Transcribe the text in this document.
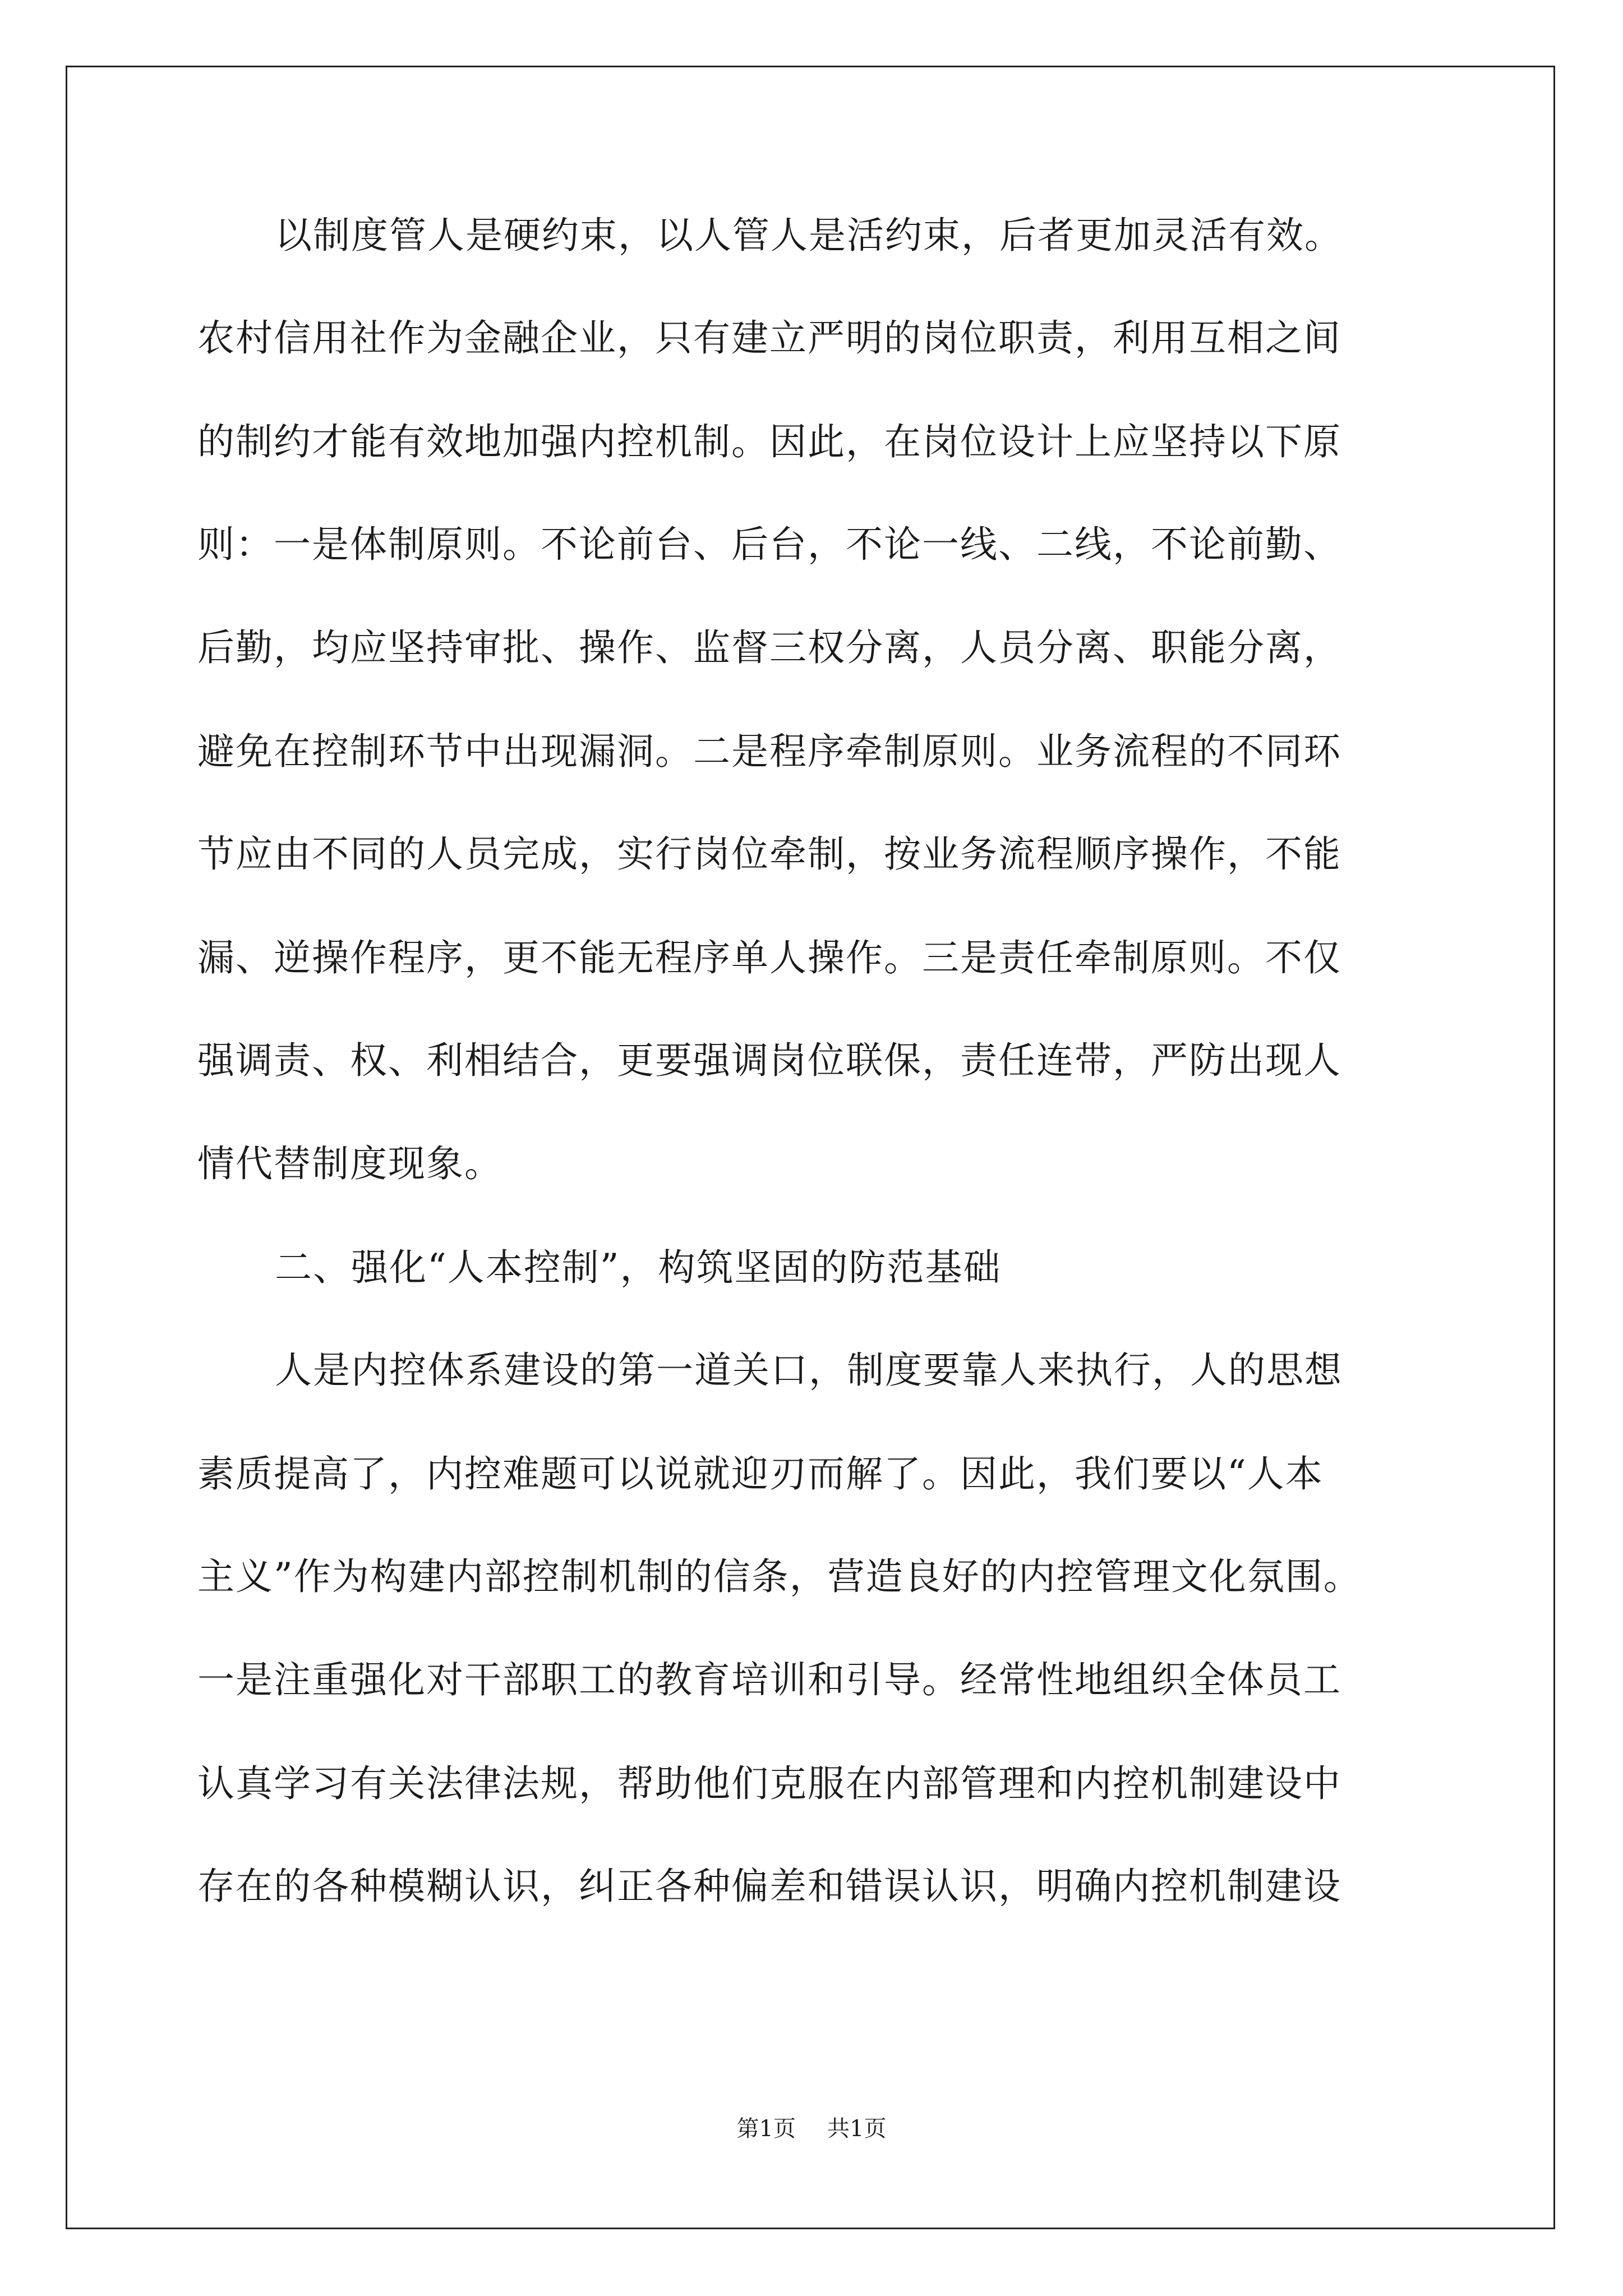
以制度管人是硬约束，以人管人是活约束，后者更加灵活有效。
农村信用社作为金融企业，只有建立严明的岗位职责，利用互相之间
的制约才能有效地加强内控机制。因此，在岗位设计上应坚持以下原
则：一是体制原则。不论前台、后台，不论一线、二线，不论前勤、
后勤，均应坚持审批、操作、监督三权分离，人员分离、职能分离，
避免在控制环节中出现漏洞。二是程序牵制原则。业务流程的不同环
节应由不同的人员完成，实行岗位牵制，按业务流程顺序操作，不能
漏、逆操作程序，更不能无程序单人操作。三是责任牵制原则。不仅
强调责、权、利相结合，更要强调岗位联保，责任连带，严防出现人
情代替制度现象。
二、强化“人本控制”，构筑坚固的防范基础
人是内控体系建设的第一道关口，制度要靠人来执行，人的思想
素质提高了，内控难题可以说就迎刃而解了。因此，我们要以“人本
主义”作为构建内部控制机制的信条，营造良好的内控管理文化氛围。
一是注重强化对干部职工的教育培训和引导。经常性地组织全体员工
认真学习有关法律法规，帮助他们克服在内部管理和内控机制建设中
存在的各种模糊认识，纠正各种偏差和错误认识，明确内控机制建设
第1页 共1页
